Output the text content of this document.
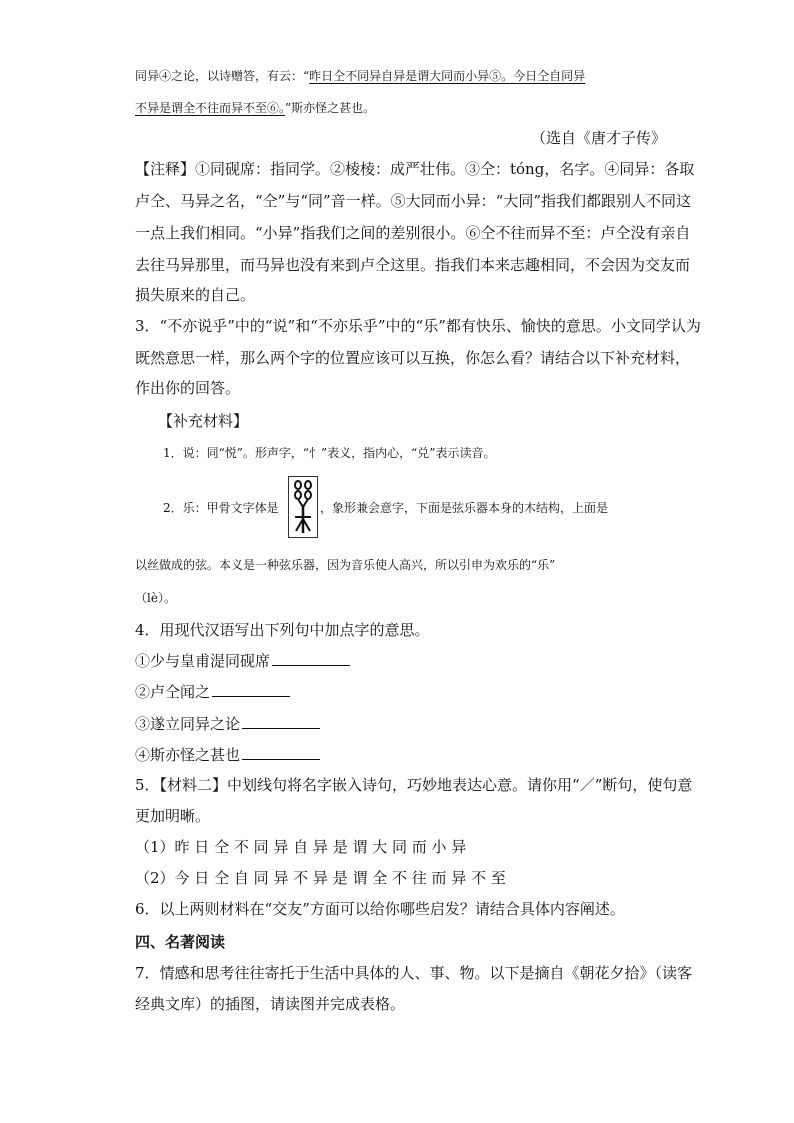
同异④之论，以诗赠答，有云：“昨日仝不同异自异是谓大同而小异⑤。今日仝自同异
不异是谓全不往而异不至⑥。”斯亦怪之甚也。
（选自《唐才子传》
【注释】①同砚席：指同学。②棱棱：成严壮伟。③仝：tóng，名字。④同异：各取
卢仝、马异之名，“仝”与“同”音一样。⑤大同而小异：“大同”指我们都跟别人不同这
一点上我们相同。“小异”指我们之间的差别很小。⑥仝不往而异不至：卢仝没有亲自
去往马异那里，而马异也没有来到卢仝这里。指我们本来志趣相同，不会因为交友而
损失原来的自己。
3．“不亦说乎”中的“说”和“不亦乐乎”中的“乐”都有快乐、愉快的意思。小文同学认为
既然意思一样，那么两个字的位置应该可以互换，你怎么看？请结合以下补充材料，
作出你的回答。
【补充材料】
1．说：同“悦”。形声字，“忄”表义，指内心，“兑”表示读音。
2．乐：甲骨文字体是	，象形兼会意字，下面是弦乐器本身的木结构，上面是
以丝做成的弦。本义是一种弦乐器，因为音乐使人高兴，所以引申为欢乐的“乐”
（lè）。
4．用现代汉语写出下列句中加点字的意思。
①少与皇甫湜同砚席
②卢仝闻之
③遂立同异之论
④斯亦怪之甚也
5．【材料二】中划线句将名字嵌入诗句，巧妙地表达心意。请你用“／”断句，使句意
更加明晰。
（1）昨 日 仝 不 同 异 自 异 是 谓 大 同 而 小 异
（2）今 日 仝 自 同 异 不 异 是 谓 全 不 往 而 异 不 至
6．以上两则材料在“交友”方面可以给你哪些启发？请结合具体内容阐述。
四、名著阅读
7．情感和思考往往寄托于生活中具体的人、事、物。以下是摘自《朝花夕拾》（读客
经典文库）的插图，请读图并完成表格。
